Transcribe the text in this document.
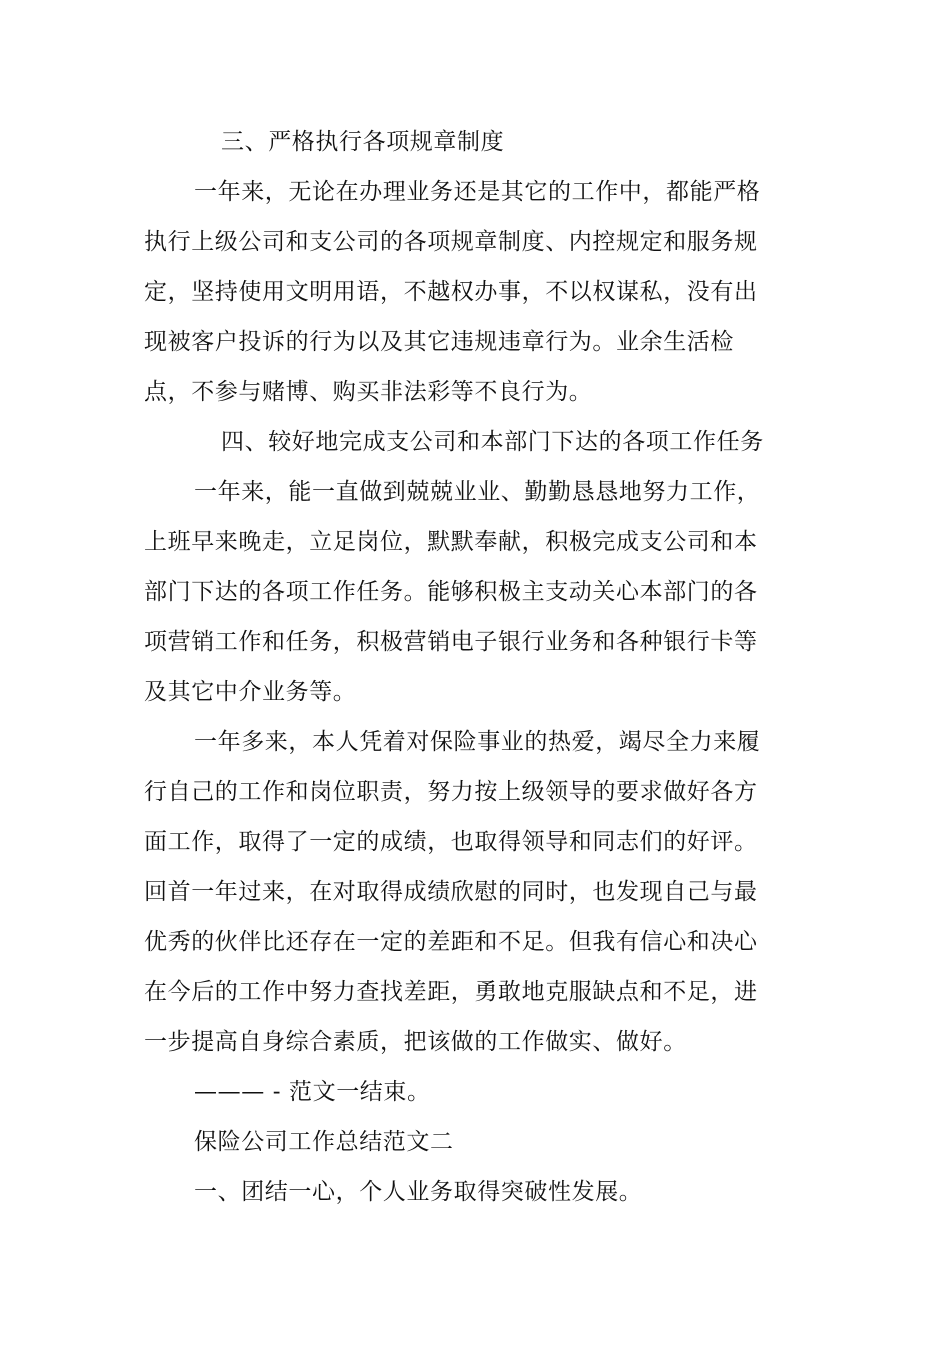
三、严格执行各项规章制度
一年来，无论在办理业务还是其它的工作中，都能严格
执行上级公司和支公司的各项规章制度、内控规定和服务规
定，坚持使用文明用语，不越权办事，不以权谋私，没有出
现被客户投诉的行为以及其它违规违章行为。业余生活检
点，不参与赌博、购买非法彩等不良行为。
四、较好地完成支公司和本部门下达的各项工作任务
一年来，能一直做到兢兢业业、勤勤恳恳地努力工作，
上班早来晚走，立足岗位，默默奉献，积极完成支公司和本
部门下达的各项工作任务。能够积极主支动关心本部门的各
项营销工作和任务，积极营销电子银行业务和各种银行卡等
及其它中介业务等。
一年多来，本人凭着对保险事业的热爱，竭尽全力来履
行自己的工作和岗位职责，努力按上级领导的要求做好各方
面工作，取得了一定的成绩，也取得领导和同志们的好评。
回首一年过来，在对取得成绩欣慰的同时，也发现自己与最
优秀的伙伴比还存在一定的差距和不足。但我有信心和决心
在今后的工作中努力查找差距，勇敢地克服缺点和不足，进
一步提高自身综合素质，把该做的工作做实、做好。
——— - 范文一结束。
保险公司工作总结范文二
一、团结一心，个人业务取得突破性发展。
